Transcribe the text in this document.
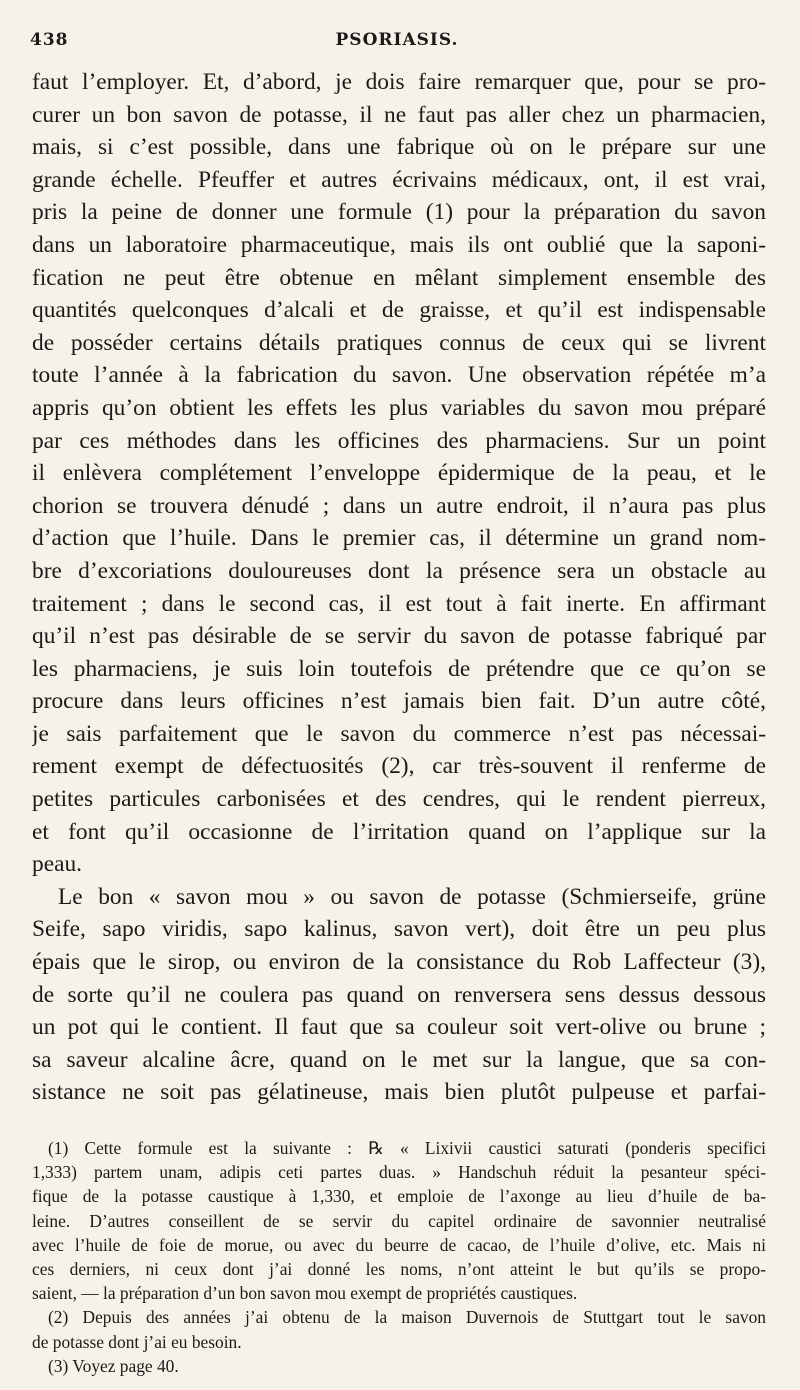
438	PSORIASIS.
faut l’employer. Et, d’abord, je dois faire remarquer que, pour se pro-
curer un bon savon de potasse, il ne faut pas aller chez un pharmacien,
mais, si c’est possible, dans une fabrique où on le prépare sur une
grande échelle. Pfeuffer et autres écrivains médicaux, ont, il est vrai,
pris la peine de donner une formule (1) pour la préparation du savon
dans un laboratoire pharmaceutique, mais ils ont oublié que la saponi-
fication ne peut être obtenue en mêlant simplement ensemble des
quantités quelconques d’alcali et de graisse, et qu’il est indispensable
de posséder certains détails pratiques connus de ceux qui se livrent
toute l’année à la fabrication du savon. Une observation répétée m’a
appris qu’on obtient les effets les plus variables du savon mou préparé
par ces méthodes dans les officines des pharmaciens. Sur un point
il enlèvera complétement l’enveloppe épidermique de la peau, et le
chorion se trouvera dénudé ; dans un autre endroit, il n’aura pas plus
d’action que l’huile. Dans le premier cas, il détermine un grand nom-
bre d’excoriations douloureuses dont la présence sera un obstacle au
traitement ; dans le second cas, il est tout à fait inerte. En affirmant
qu’il n’est pas désirable de se servir du savon de potasse fabriqué par
les pharmaciens, je suis loin toutefois de prétendre que ce qu’on se
procure dans leurs officines n’est jamais bien fait. D’un autre côté,
je sais parfaitement que le savon du commerce n’est pas nécessai-
rement exempt de défectuosités (2), car très-souvent il renferme de
petites particules carbonisées et des cendres, qui le rendent pierreux,
et font qu’il occasionne de l’irritation quand on l’applique sur la
peau.
Le bon « savon mou » ou savon de potasse (Schmierseife, grüne
Seife, sapo viridis, sapo kalinus, savon vert), doit être un peu plus
épais que le sirop, ou environ de la consistance du Rob Laffecteur (3),
de sorte qu’il ne coulera pas quand on renversera sens dessus dessous
un pot qui le contient. Il faut que sa couleur soit vert-olive ou brune ;
sa saveur alcaline âcre, quand on le met sur la langue, que sa con-
sistance ne soit pas gélatineuse, mais bien plutôt pulpeuse et parfai-
(1) Cette formule est la suivante : ℞ « Lixivii caustici saturati (ponderis specifici
1,333) partem unam, adipis ceti partes duas. » Handschuh réduit la pesanteur spéci-
fique de la potasse caustique à 1,330, et emploie de l’axonge au lieu d’huile de ba-
leine. D’autres conseillent de se servir du capitel ordinaire de savonnier neutralisé
avec l’huile de foie de morue, ou avec du beurre de cacao, de l’huile d’olive, etc. Mais ni
ces derniers, ni ceux dont j’ai donné les noms, n’ont atteint le but qu’ils se propo-
saient, — la préparation d’un bon savon mou exempt de propriétés caustiques.
(2) Depuis des années j’ai obtenu de la maison Duvernois de Stuttgart tout le savon
de potasse dont j’ai eu besoin.
(3) Voyez page 40.
